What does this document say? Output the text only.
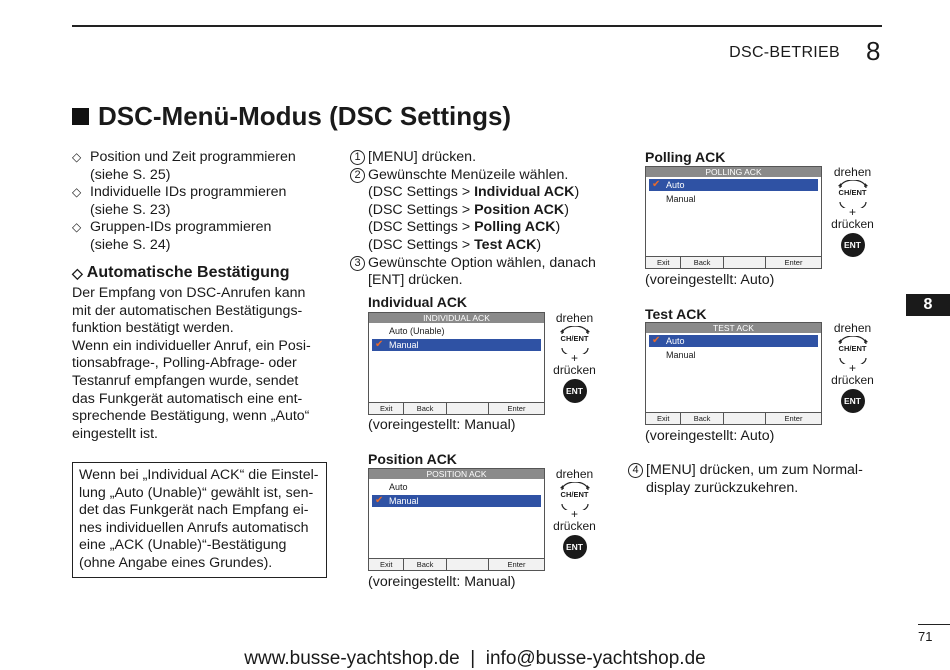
DSC-BETRIEB 8
DSC-Menü-Modus (DSC Settings)
◇ Position und Zeit programmieren
(siehe S. 25)
◇ Individuelle IDs programmieren
(siehe S. 23)
◇ Gruppen-IDs programmieren
(siehe S. 24)
◇ Automatische Bestätigung
Der Empfang von DSC-Anrufen kann
mit der automatischen Bestätigungs-
funktion bestätigt werden.
Wenn ein individueller Anruf, ein Posi-
tionsabfrage-, Polling-Abfrage- oder
Testanruf empfangen wurde, sendet
das Funkgerät automatisch eine ent-
sprechende Bestätigung, wenn „Auto“
eingestellt ist.
Wenn bei „Individual ACK“ die Einstel-
lung „Auto (Unable)“ gewählt ist, sen-
det das Funkgerät nach Empfang ei-
nes individuellen Anrufs automatisch
eine „ACK (Unable)“-Bestätigung
(ohne Angabe eines Grundes).
1 [MENU] drücken.
2 Gewünschte Menüzeile wählen.
(DSC Settings > Individual ACK)
(DSC Settings > Position ACK)
(DSC Settings > Polling ACK)
(DSC Settings > Test ACK)
3 Gewünschte Option wählen, danach
[ENT] drücken.
Individual ACK
INDIVIDUAL ACK
Auto (Unable)
✔ Manual
Exit	Back	Enter
(voreingestellt: Manual)
drehen
CH/ENT
+
drücken
ENT
Position ACK
POSITION ACK
Auto
✔ Manual
Exit	Back	Enter
(voreingestellt: Manual)
drehen
CH/ENT
+
drücken
ENT
Polling ACK
POLLING ACK
✔ Auto
Manual
Exit	Back	Enter
(voreingestellt: Auto)
drehen
CH/ENT
+
drücken
ENT
Test ACK
TEST ACK
✔ Auto
Manual
Exit	Back	Enter
(voreingestellt: Auto)
drehen
CH/ENT
+
drücken
ENT
4 [MENU] drücken, um zum Normal-
display zurückzukehren.
8
71
www.busse-yachtshop.de  |  info@busse-yachtshop.de
